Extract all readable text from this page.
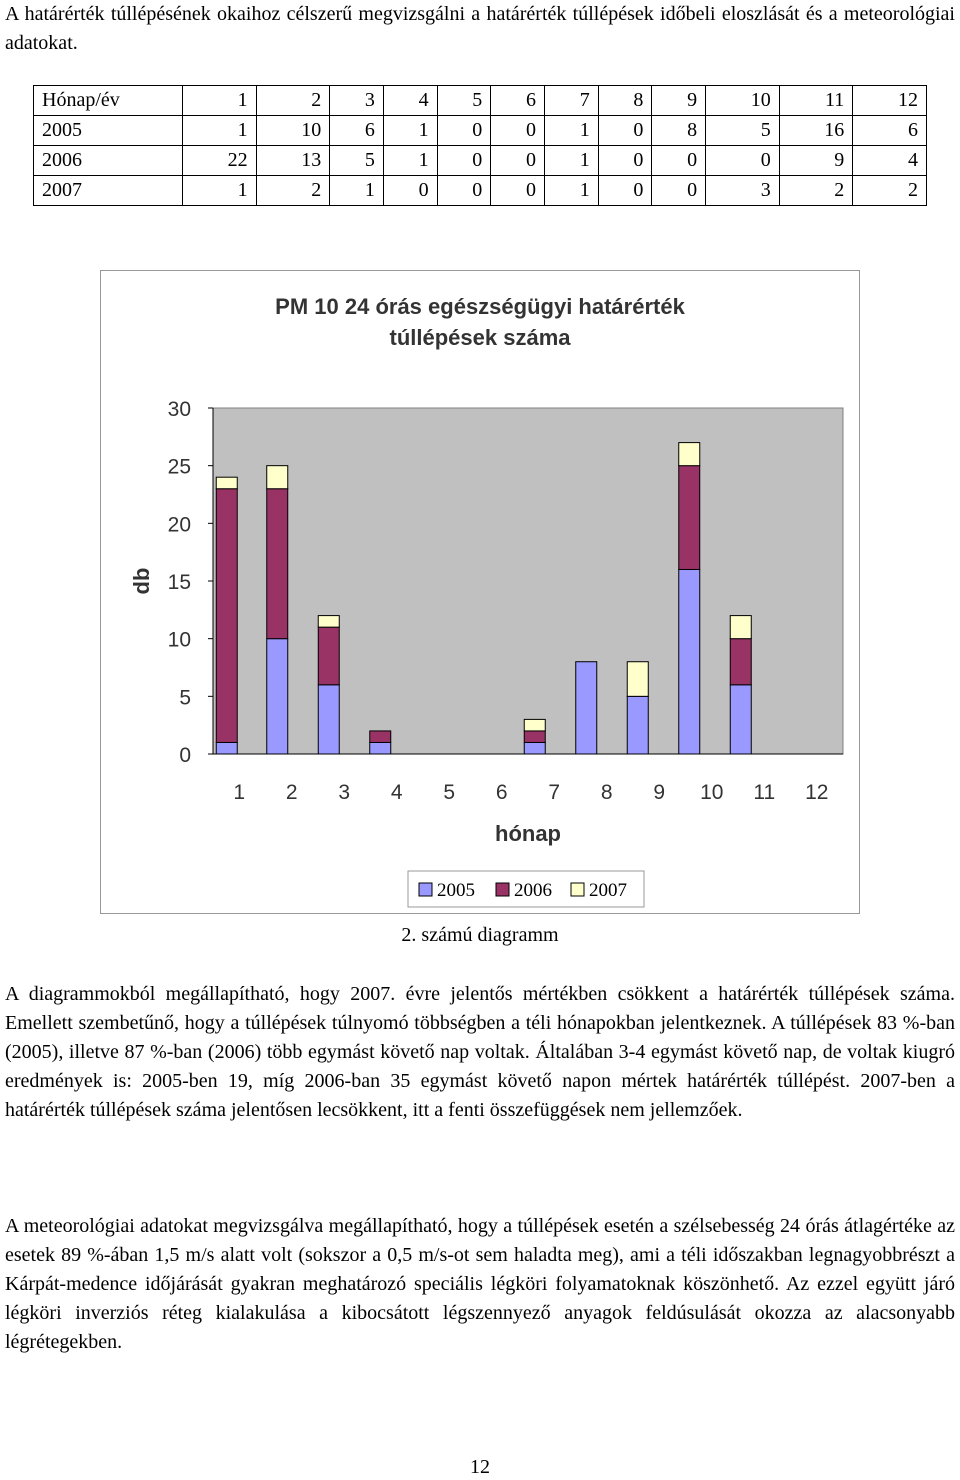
A határérték túllépésének okaihoz célszerű megvizsgálni a határérték túllépések időbeli eloszlását és a meteorológiai adatokat.

Hónap/év	1	2	3	4	5	6	7	8	9	10	11	12
2005	1	10	6	1	0	0	1	0	8	5	16	6
2006	22	13	5	1	0	0	1	0	0	0	9	4
2007	1	2	1	0	0	0	1	0	0	3	2	2
PM 10 24 órás egészségügyi határérték
túllépések száma
0
5
10
15
20
25
30
db
1 2 3 4 5 6 7 8 9 10 11 12
hónap
2005 2006 2007
2. számú diagramm

A diagrammokból megállapítható, hogy 2007. évre jelentős mértékben csökkent a határérték túllépések száma. Emellett szembetűnő, hogy a túllépések túlnyomó többségben a téli hónapokban jelentkeznek. A túllépések 83 %-ban (2005), illetve 87 %-ban (2006) több egymást követő nap voltak. Általában 3-4 egymást követő nap, de voltak kiugró eredmények is: 2005-ben 19, míg 2006-ban 35 egymást követő napon mértek határérték túllépést. 2007-ben a határérték túllépések száma jelentősen lecsökkent, itt a fenti összefüggések nem jellemzőek.

A meteorológiai adatokat megvizsgálva megállapítható, hogy a túllépések esetén a szélsebesség 24 órás átlagértéke az esetek 89 %-ában 1,5 m/s alatt volt (sokszor a 0,5 m/s-ot sem haladta meg), ami a téli időszakban legnagyobbrészt a Kárpát-medence időjárását gyakran meghatározó speciális légköri folyamatoknak köszönhető. Az ezzel együtt járó légköri inverziós réteg kialakulása a kibocsátott légszennyező anyagok feldúsulását okozza az alacsonyabb légrétegekben.

12
